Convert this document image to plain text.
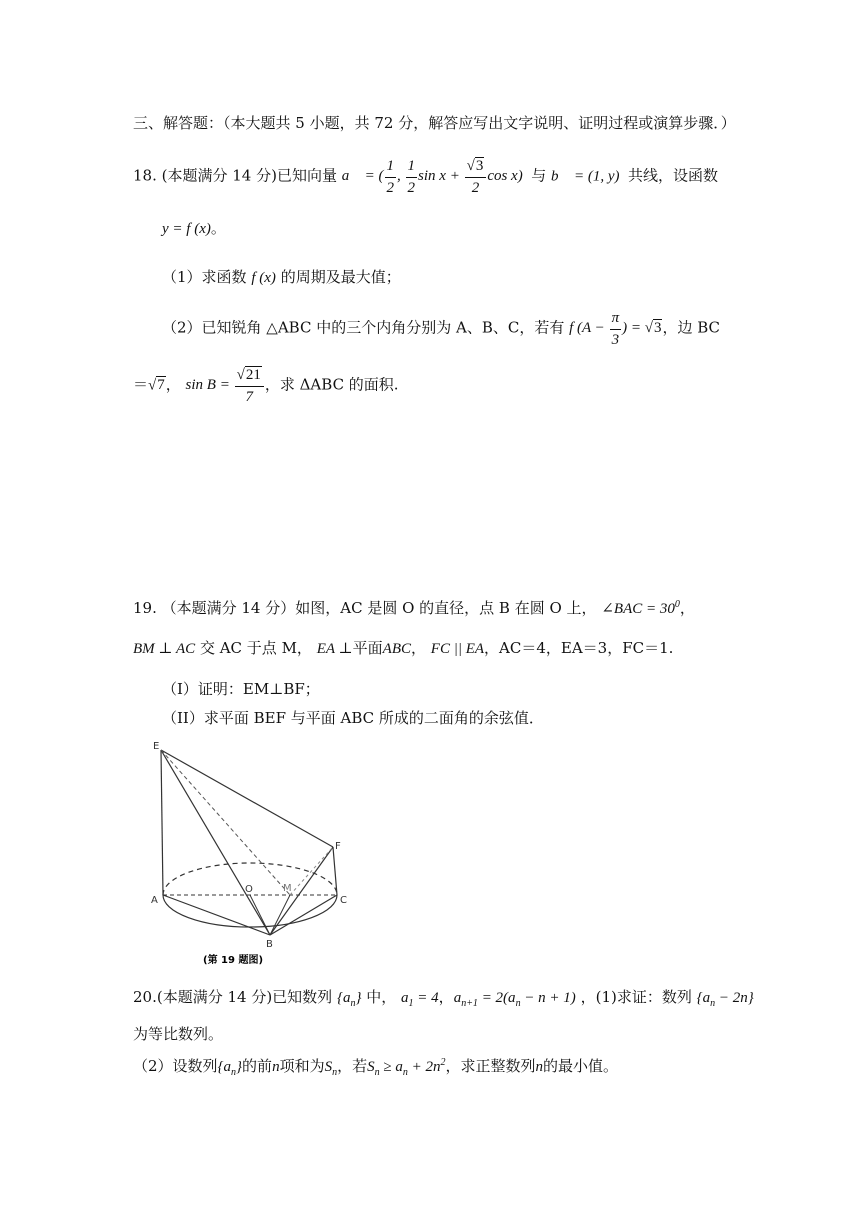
三、解答题：（本大题共 5 小题，共 72 分，解答应写出文字说明、证明过程或演算步骤．）
18. (本题满分 14 分)已知向量 a⃗ = ( $\frac{1}{2}$ , $\frac{1}{2}$ $\sin x + \frac{√3}{2}$ cos x)  与 b⃗ = (1, y)  共线，设函数
y = f (x)。
（1）求函数 f (x) 的周期及最大值；
（2）已知锐角 △ABC 中的三个内角分别为 A、B、C，若有 f ($A - \frac{\pi}{3}$ ) = √3，边 BC
＝√7， $\sin B = \frac{√21}{7}$ ，求 ΔABC 的面积.
19. （本题满分 14 分）如图，AC 是圆 O 的直径，点 B 在圆 O 上， ∠BAC = $30^0$，
BM ⊥ AC 交 AC 于点 M， EA ⊥平面ABC， FC || EA，AC＝4，EA＝3，FC＝1.
（I）证明：EM⊥BF；
（II）求平面 BEF 与平面 ABC 所成的二面角的余弦值．
E
F
A	C
B
O	M
(第 19 题图)
20.(本题满分 14 分)已知数列 $\{a_n\}$ 中， $a_1 = 4$，$a_{n+1} = 2(a_n - n + 1)$ ，(1)求证：数列 $\{a_n - 2n\}$
为等比数列。
（2）设数列$\{a_n\}$的前n项和为$S_n$，若$S_n \ge a_n + 2n^2$，求正整数列n的最小值。
